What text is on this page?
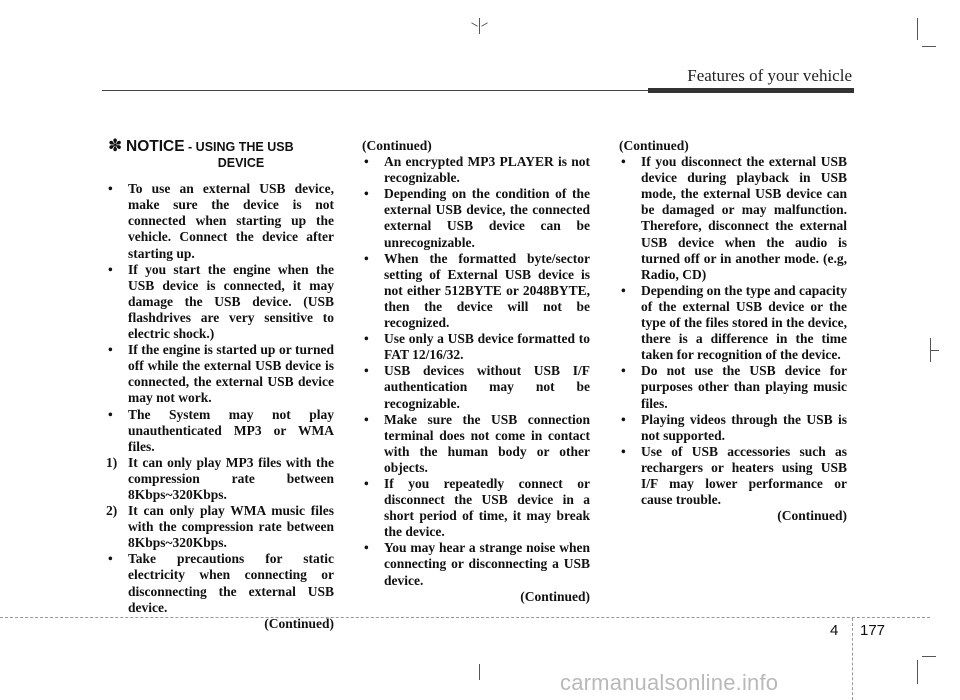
Features of your vehicle
✽ NOTICE - USING THE USB
DEVICE

•	To use an external USB device, make sure the device is not connected when starting up the vehicle. Connect the device after starting up.

•	If you start the engine when the USB device is connected, it may damage the USB device. (USB flashdrives are very sensitive to electric shock.)

•	If the engine is started up or turned off while the external USB device is connected, the external USB device may not work.

•	The System may not play unauthenticated MP3 or WMA files.

1) It can only play MP3 files with the compression rate between 8Kbps~320Kbps.

2) It can only play WMA music files with the compression rate between 8Kbps~320Kbps.

•	Take precautions for static electricity when connecting or disconnecting the external USB device.

(Continued)

(Continued)

•	An encrypted MP3 PLAYER is not recognizable.

•	Depending on the condition of the external USB device, the connected external USB device can be unrecognizable.

•	When the formatted byte/sector setting of External USB device is not either 512BYTE or 2048BYTE, then the device will not be recognized.

•	Use only a USB device formatted to FAT 12/16/32.

•	USB devices without USB I/F authentication may not be recognizable.

•	Make sure the USB connection terminal does not come in contact with the human body or other objects.

•	If you repeatedly connect or disconnect the USB device in a short period of time, it may break the device.

•	You may hear a strange noise when connecting or disconnecting a USB device.

(Continued)

(Continued)

•	If you disconnect the external USB device during playback in USB mode, the external USB device can be damaged or may malfunction. Therefore, disconnect the external USB device when the audio is turned off or in another mode. (e.g, Radio, CD)

•	Depending on the type and capacity of the external USB device or the type of the files stored in the device, there is a difference in the time taken for recognition of the device.

•	Do not use the USB device for purposes other than playing music files.

•	Playing videos through the USB is not supported.

•	Use of USB accessories such as rechargers or heaters using USB I/F may lower performance or cause trouble.

(Continued)

4 177
carmanualsonline.info
